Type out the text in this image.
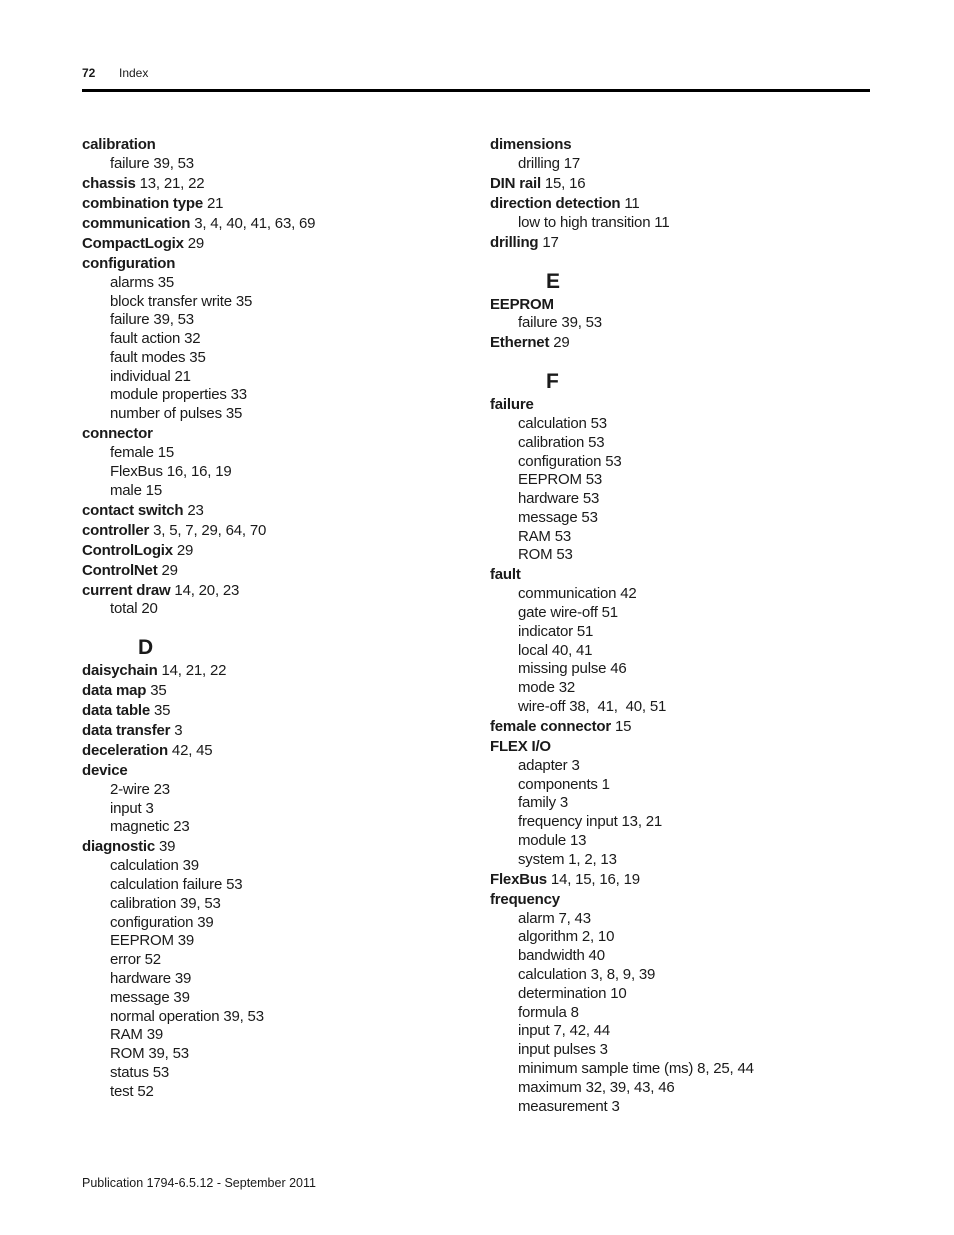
72 Index
calibration
failure 39, 53
chassis 13, 21, 22
combination type 21
communication 3, 4, 40, 41, 63, 69
CompactLogix 29
configuration
alarms 35
block transfer write 35
failure 39, 53
fault action 32
fault modes 35
individual 21
module properties 33
number of pulses 35
connector
female 15
FlexBus 16, 16, 19
male 15
contact switch 23
controller 3, 5, 7, 29, 64, 70
ControlLogix 29
ControlNet 29
current draw 14, 20, 23
total 20
D
daisychain 14, 21, 22
data map 35
data table 35
data transfer 3
deceleration 42, 45
device
2-wire 23
input 3
magnetic 23
diagnostic 39
calculation 39
calculation failure 53
calibration 39, 53
configuration 39
EEPROM 39
error 52
hardware 39
message 39
normal operation 39, 53
RAM 39
ROM 39, 53
status 53
test 52
dimensions
drilling 17
DIN rail 15, 16
direction detection 11
low to high transition 11
drilling 17
E
EEPROM
failure 39, 53
Ethernet 29
F
failure
calculation 53
calibration 53
configuration 53
EEPROM 53
hardware 53
message 53
RAM 53
ROM 53
fault
communication 42
gate wire-off 51
indicator 51
local 40, 41
missing pulse 46
mode 32
wire-off 38,  41,  40, 51
female connector 15
FLEX I/O
adapter 3
components 1
family 3
frequency input 13, 21
module 13
system 1, 2, 13
FlexBus 14, 15, 16, 19
frequency
alarm 7, 43
algorithm 2, 10
bandwidth 40
calculation 3, 8, 9, 39
determination 10
formula 8
input 7, 42, 44
input pulses 3
minimum sample time (ms) 8, 25, 44
maximum 32, 39, 43, 46
measurement 3
Publication 1794-6.5.12 - September 2011
